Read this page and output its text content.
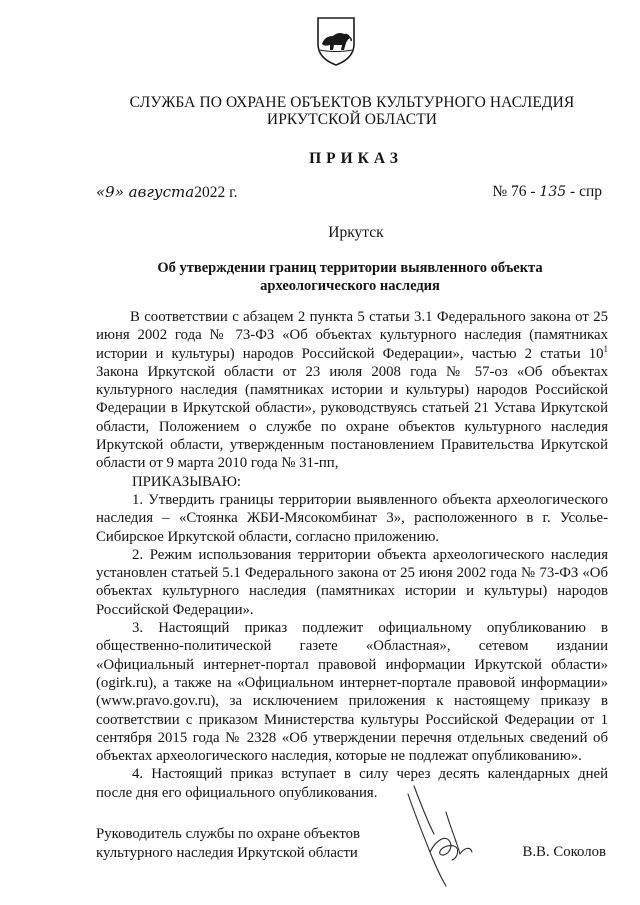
СЛУЖБА ПО ОХРАНЕ ОБЪЕКТОВ КУЛЬТУРНОГО НАСЛЕДИЯ
ИРКУТСКОЙ ОБЛАСТИ
ПРИКАЗ
«9» августа2022 г.	№ 76 - 135 - спр
Иркутск
Об утверждении границ территории выявленного объекта археологического наследия

В соответствии с абзацем 2 пункта 5 статьи 3.1 Федерального закона от 25 июня 2002 года № 73-ФЗ «Об объектах культурного наследия (памятниках истории и культуры) народов Российской Федерации», частью 2 статьи $10^1$ Закона Иркутской области от 23 июля 2008 года № 57-оз «Об объектах культурного наследия (памятниках истории и культуры) народов Российской Федерации в Иркутской области», руководствуясь статьей 21 Устава Иркутской области, Положением о службе по охране объектов культурного наследия Иркутской области, утвержденным постановлением Правительства Иркутской области от 9 марта 2010 года № 31-пп,

ПРИКАЗЫВАЮ:

1. Утвердить границы территории выявленного объекта археологического наследия – «Стоянка ЖБИ-Мясокомбинат 3», расположенного в г. Усолье-Сибирское Иркутской области, согласно приложению.

2. Режим использования территории объекта археологического наследия установлен статьей 5.1 Федерального закона от 25 июня 2002 года № 73-ФЗ «Об объектах культурного наследия (памятниках истории и культуры) народов Российской Федерации».

3. Настоящий приказ подлежит официальному опубликованию в общественно-политической газете «Областная», сетевом издании «Официальный интернет-портал правовой информации Иркутской области» (ogirk.ru), а также на «Официальном интернет-портале правовой информации» (www.pravo.gov.ru), за исключением приложения к настоящему приказу в соответствии с приказом Министерства культуры Российской Федерации от 1 сентября 2015 года № 2328 «Об утверждении перечня отдельных сведений об объектах археологического наследия, которые не подлежат опубликованию».

4. Настоящий приказ вступает в силу через десять календарных дней после дня его официального опубликования.

Руководитель службы по охране объектов
культурного наследия Иркутской области	В.В. Соколов
